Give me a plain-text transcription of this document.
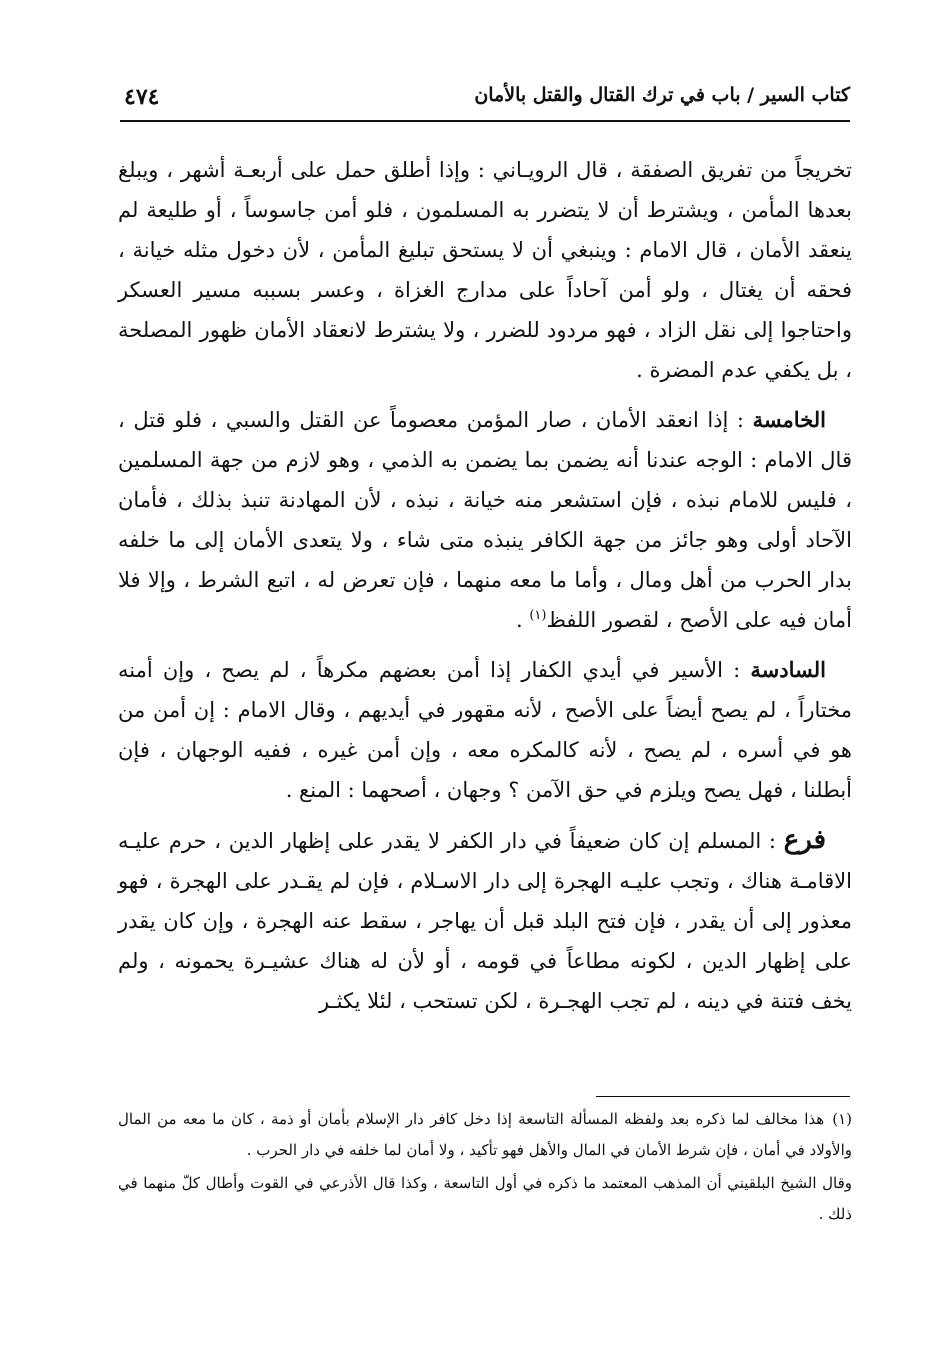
كتاب السير / باب في ترك القتال والقتل بالأمان
٤٧٤

تخريجاً من تفريق الصفقة ، قال الرويـاني : وإذا أطلق حمل على أربعـة أشهر ، ويبلغ بعدها المأمن ، ويشترط أن لا يتضرر به المسلمون ، فلو أمن جاسوساً ، أو طليعة لم ينعقد الأمان ، قال الامام : وينبغي أن لا يستحق تبليغ المأمن ، لأن دخول مثله خيانة ، فحقه أن يغتال ، ولو أمن آحاداً على مدارج الغزاة ، وعسر بسببه مسير العسكر واحتاجوا إلى نقل الزاد ، فهو مردود للضرر ، ولا يشترط لانعقاد الأمان ظهور المصلحة ، بل يكفي عدم المضرة .

الخامسة : إذا انعقد الأمان ، صار المؤمن معصوماً عن القتل والسبي ، فلو قتل ، قال الامام : الوجه عندنا أنه يضمن بما يضمن به الذمي ، وهو لازم من جهة المسلمين ، فليس للامام نبذه ، فإن استشعر منه خيانة ، نبذه ، لأن المهادنة تنبذ بذلك ، فأمان الآحاد أولى وهو جائز من جهة الكافر ينبذه متى شاء ، ولا يتعدى الأمان إلى ما خلفه بدار الحرب من أهل ومال ، وأما ما معه منهما ، فإن تعرض له ، اتبع الشرط ، وإلا فلا أمان فيه على الأصح ، لقصور اللفظ$^{(١)}$ .

السادسة : الأسير في أيدي الكفار إذا أمن بعضهم مكرهاً ، لم يصح ، وإن أمنه مختاراً ، لم يصح أيضاً على الأصح ، لأنه مقهور في أيديهم ، وقال الامام : إن أمن من هو في أسره ، لم يصح ، لأنه كالمكره معه ، وإن أمن غيره ، ففيه الوجهان ، فإن أبطلنا ، فهل يصح ويلزم في حق الآمن ؟ وجهان ، أصحهما : المنع .

فرع : المسلم إن كان ضعيفاً في دار الكفر لا يقدر على إظهار الدين ، حرم عليـه الاقامـة هناك ، وتجب عليـه الهجرة إلى دار الاسـلام ، فإن لم يقـدر على الهجرة ، فهو معذور إلى أن يقدر ، فإن فتح البلد قبل أن يهاجر ، سقط عنه الهجرة ، وإن كان يقدر على إظهار الدين ، لكونه مطاعاً في قومه ، أو لأن له هناك عشيـرة يحمونه ، ولم يخف فتنة في دينه ، لم تجب الهجـرة ، لكن تستحب ، لئلا يكثـر

(١)هذا مخالف لما ذكره بعد ولفظه المسألة التاسعة إذا دخل كافر دار الإسلام بأمان أو ذمة ، كان ما معه من المال والأولاد في أمان ، فإن شرط الأمان في المال والأهل فهو تأكيد ، ولا أمان لما خلفه في دار الحرب .

وقال الشيخ البلقيني أن المذهب المعتمد ما ذكره في أول التاسعة ، وكذا قال الأذرعي في القوت وأطال كلّ منهما في ذلك .
